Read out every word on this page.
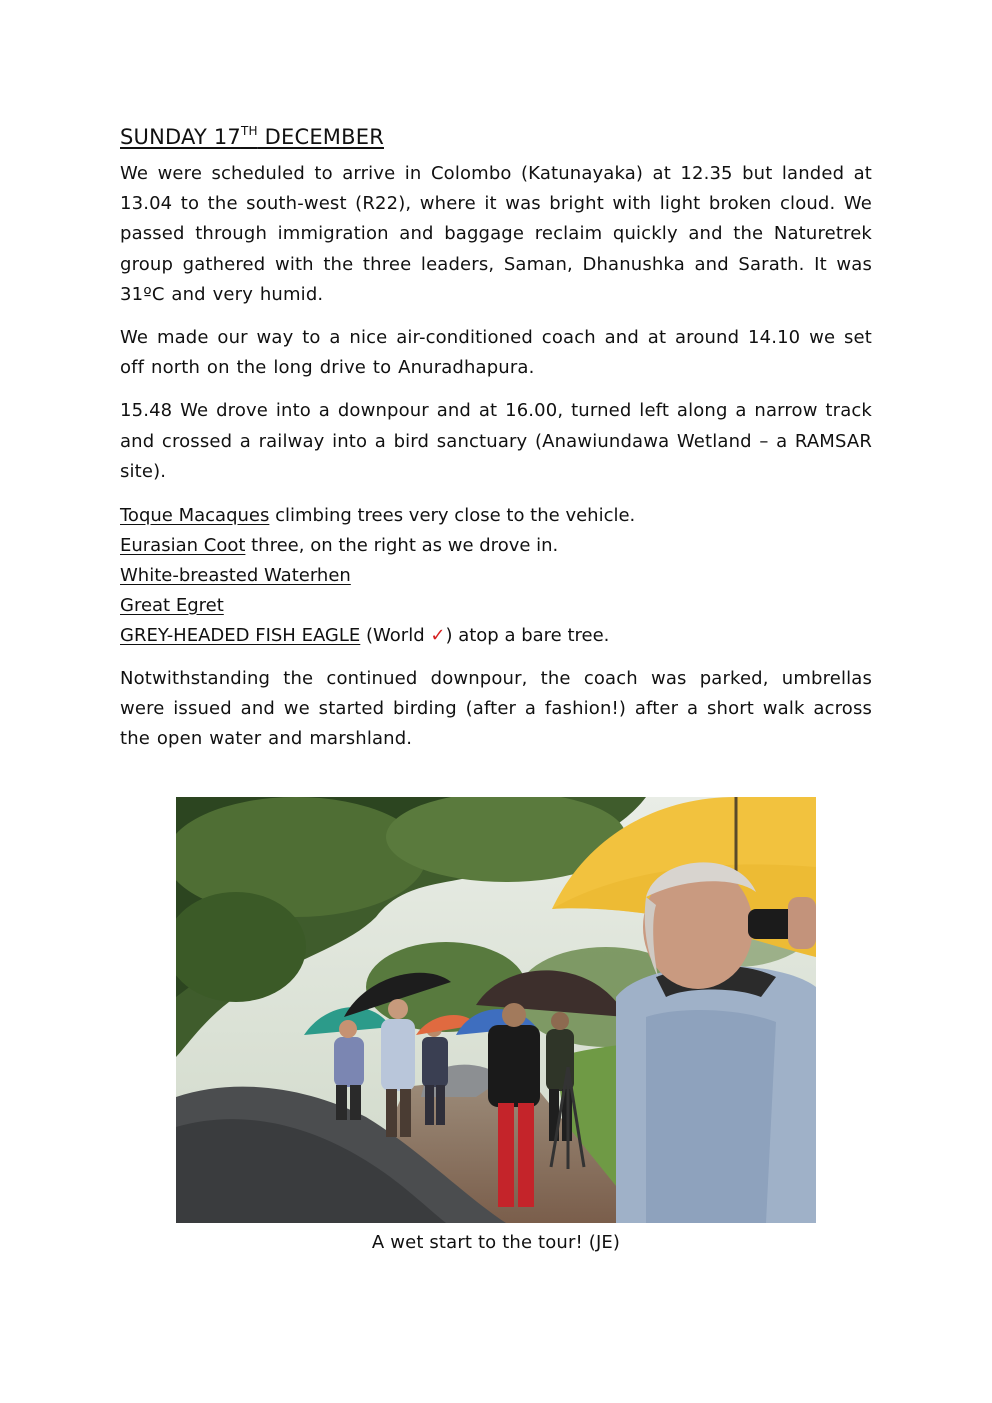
SUNDAY 17TH DECEMBER

We were scheduled to arrive in Colombo (Katunayaka) at 12.35 but landed at 13.04 to the south-west (R22), where it was bright with light broken cloud. We passed through immigration and baggage reclaim quickly and the Naturetrek group gathered with the three leaders, Saman, Dhanushka and Sarath. It was 31ºC and very humid.

We made our way to a nice air-conditioned coach and at around 14.10 we set off north on the long drive to Anuradhapura.

15.48 We drove into a downpour and at 16.00, turned left along a narrow track and crossed a railway into a bird sanctuary (Anawiundawa Wetland – a RAMSAR site).

Toque Macaques climbing trees very close to the vehicle.
Eurasian Coot three, on the right as we drove in.
White-breasted Waterhen
Great Egret
GREY-HEADED FISH EAGLE (World ✓) atop a bare tree.

Notwithstanding the continued downpour, the coach was parked, umbrellas were issued and we started birding (after a fashion!) after a short walk across the open water and marshland.

A wet start to the tour! (JE)
